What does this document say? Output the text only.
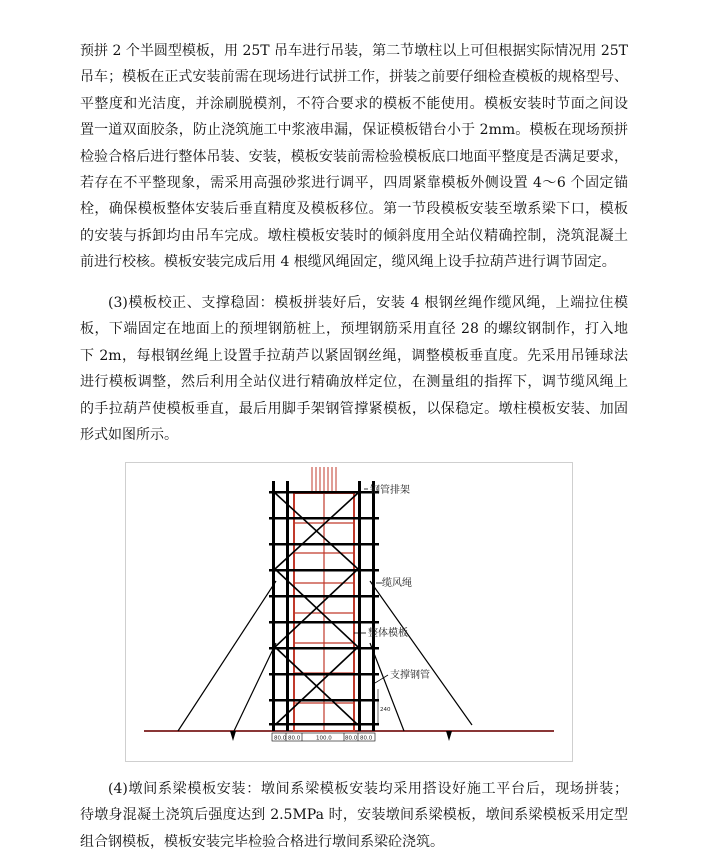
预拼 2 个半圆型模板，用 25T 吊车进行吊装，第二节墩柱以上可但根据实际情况用 25T
吊车；模板在正式安装前需在现场进行试拼工作，拼装之前要仔细检查模板的规格型号、
平整度和光洁度，并涂刷脱模剂，不符合要求的模板不能使用。模板安装时节面之间设
置一道双面胶条，防止浇筑施工中浆液串漏，保证模板错台小于 2mm。模板在现场预拼
检验合格后进行整体吊装、安装，模板安装前需检验模板底口地面平整度是否满足要求，
若存在不平整现象，需采用高强砂浆进行调平，四周紧靠模板外侧设置 4～6 个固定锚
栓，确保模板整体安装后垂直精度及模板移位。第一节段模板安装至墩系梁下口，模板
的安装与拆卸均由吊车完成。墩柱模板安装时的倾斜度用全站仪精确控制，浇筑混凝土
前进行校核。模板安装完成后用 4 根缆风绳固定，缆风绳上设手拉葫芦进行调节固定。
(3)模板校正、支撑稳固：模板拼装好后，安装 4 根钢丝绳作缆风绳，上端拉住模
板，下端固定在地面上的预埋钢筋桩上，预埋钢筋采用直径 28 的螺纹钢制作，打入地
下 2m，每根钢丝绳上设置手拉葫芦以紧固钢丝绳，调整模板垂直度。先采用吊锤球法
进行模板调整，然后利用全站仪进行精确放样定位，在测量组的指挥下，调节缆风绳上
的手拉葫芦使模板垂直，最后用脚手架钢管撑紧模板，以保稳定。墩柱模板安装、加固
形式如图所示。
钢管排架
缆风绳
整体模板
支撑钢管
240
80.0 80.0	100.0 80.0 80.0
(4)墩间系梁模板安装：墩间系梁模板安装均采用搭设好施工平台后，现场拼装；
待墩身混凝土浇筑后强度达到 2.5MPa 时，安装墩间系梁模板，墩间系梁模板采用定型
组合钢模板，模板安装完毕检验合格进行墩间系梁砼浇筑。
